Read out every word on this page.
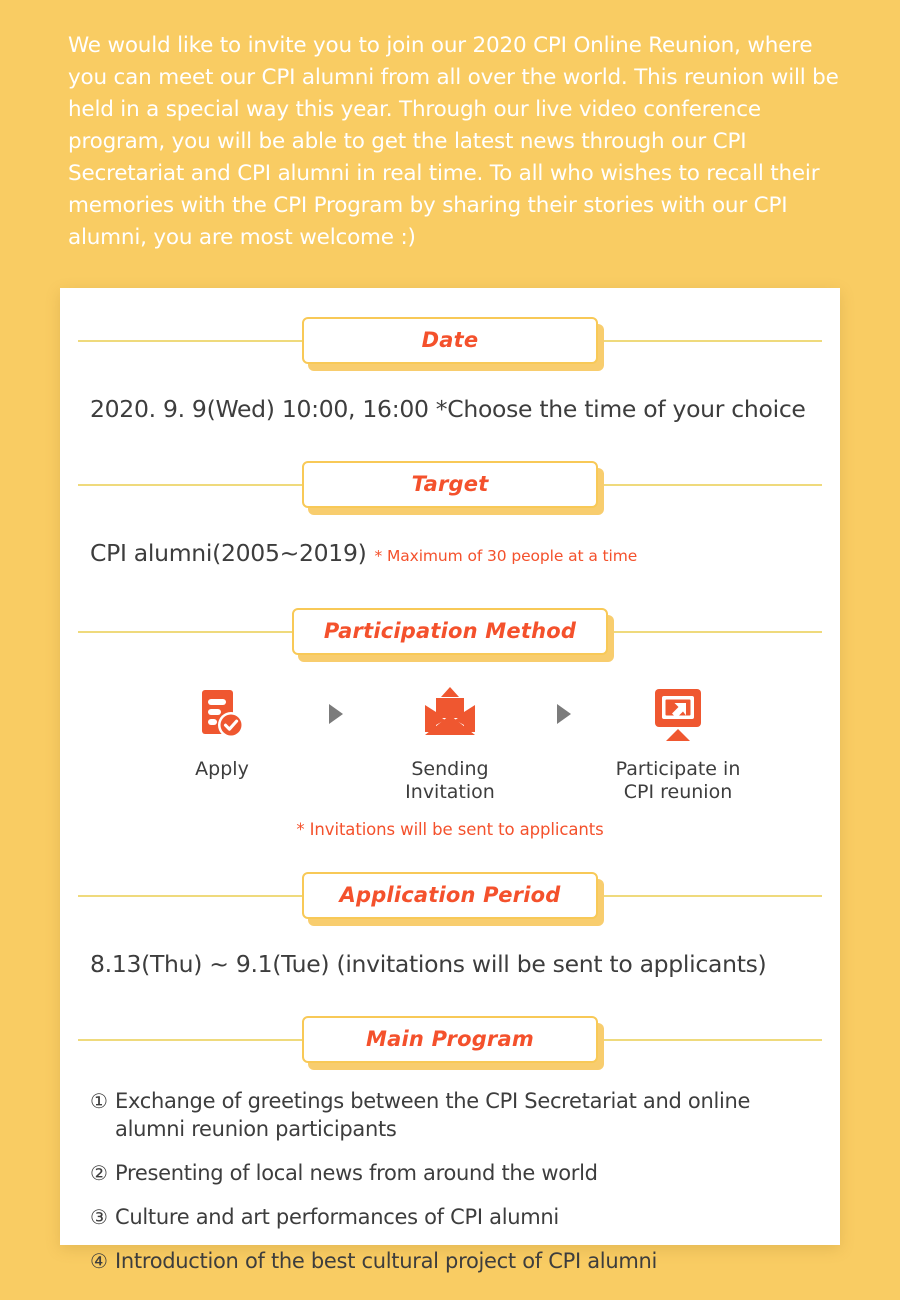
We would like to invite you to join our 2020 CPI Online Reunion, where you can meet our CPI alumni from all over the world. This reunion will be held in a special way this year. Through our live video conference program, you will be able to get the latest news through our CPI Secretariat and CPI alumni in real time. To all who wishes to recall their memories with the CPI Program by sharing their stories with our CPI alumni, you are most welcome :)
Date
2020. 9. 9(Wed) 10:00, 16:00 *Choose the time of your choice
Target
CPI alumni(2005~2019) * Maximum of 30 people at a time
Participation Method
Apply	Sending
Invitation
Participate in
CPI reunion
* Invitations will be sent to applicants
Application Period
8.13(Thu) ~ 9.1(Tue) (invitations will be sent to applicants)
Main Program
① Exchange of greetings between the CPI Secretariat and online alumni reunion participants
② Presenting of local news from around the world
③ Culture and art performances of CPI alumni
④ Introduction of the best cultural project of CPI alumni
